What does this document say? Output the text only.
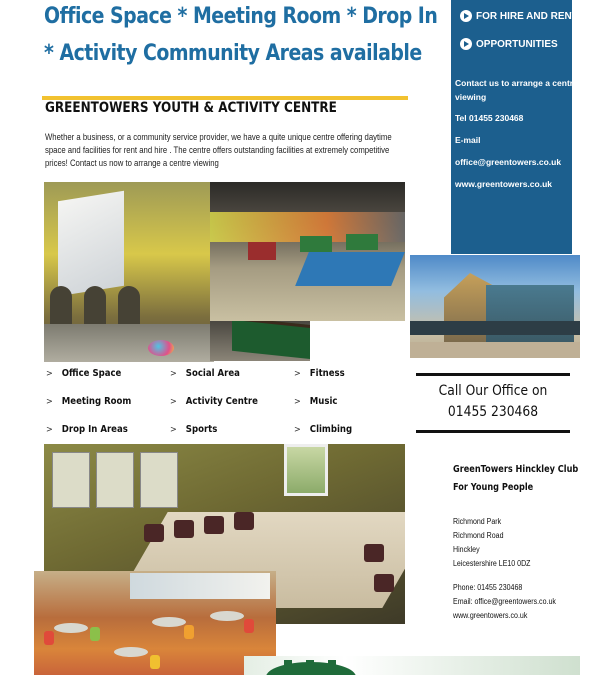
Office Space * Meeting Room * Drop In
* Activity Community Areas available
GREENTOWERS YOUTH & ACTIVITY CENTRE
Whether a business, or a community service provider, we have a quite unique centre offering daytime
space and facilities for rent and hire . The centre offers outstanding facilities at extremely competitive
prices! Contact us now to arrange a centre viewing
FOR HIRE AND RENT
OPPORTUNITIES
Contact us to arrange a centre
viewing
Tel 01455 230468
E-mail
office@greentowers.co.uk
www.greentowers.co.uk
> Office Space
> Meeting Room
> Drop In Areas
> Social Area
> Activity Centre
> Sports
> Fitness
> Music
> Climbing
Call Our Office on
01455 230468
GreenTowers Hinckley Club
For Young People
Richmond Park
Richmond Road
Hinckley
Leicestershire LE10 0DZ
Phone: 01455 230468
Email: office@greentowers.co.uk
www.greentowers.co.uk
